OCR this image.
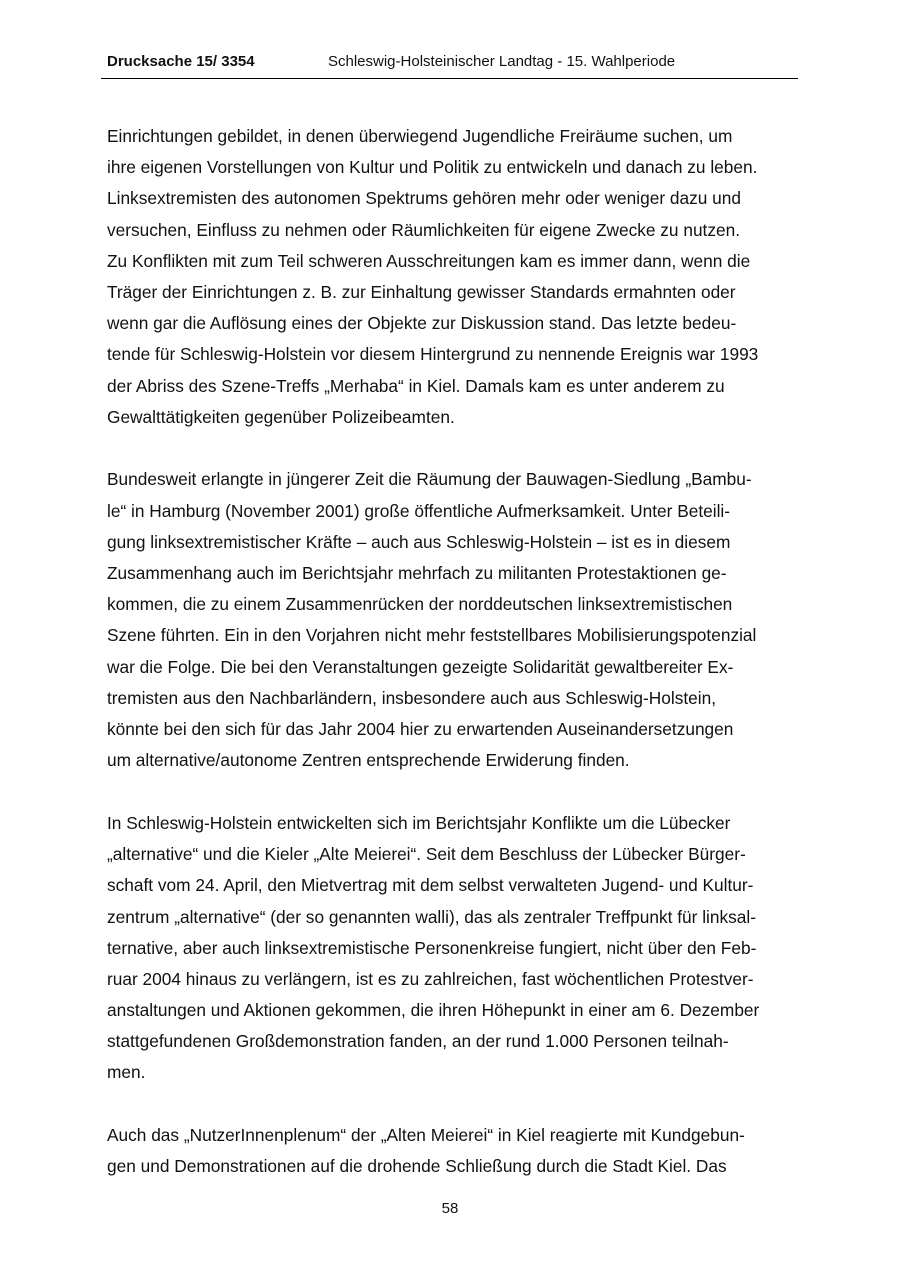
Drucksache 15/ 3354	Schleswig-Holsteinischer Landtag - 15. Wahlperiode
Einrichtungen gebildet, in denen überwiegend Jugendliche Freiräume suchen, um
ihre eigenen Vorstellungen von Kultur und Politik zu entwickeln und danach zu leben.
Linksextremisten des autonomen Spektrums gehören mehr oder weniger dazu und
versuchen, Einfluss zu nehmen oder Räumlichkeiten für eigene Zwecke zu nutzen.
Zu Konflikten mit zum Teil schweren Ausschreitungen kam es immer dann, wenn die
Träger der Einrichtungen z. B. zur Einhaltung gewisser Standards ermahnten oder
wenn gar die Auflösung eines der Objekte zur Diskussion stand. Das letzte bedeu-
tende für Schleswig-Holstein vor diesem Hintergrund zu nennende Ereignis war 1993
der Abriss des Szene-Treffs „Merhaba“ in Kiel. Damals kam es unter anderem zu
Gewalttätigkeiten gegenüber Polizeibeamten.
Bundesweit erlangte in jüngerer Zeit die Räumung der Bauwagen-Siedlung „Bambu-
le“ in Hamburg (November 2001) große öffentliche Aufmerksamkeit. Unter Beteili-
gung linksextremistischer Kräfte – auch aus Schleswig-Holstein – ist es in diesem
Zusammenhang auch im Berichtsjahr mehrfach zu militanten Protestaktionen ge-
kommen, die zu einem Zusammenrücken der norddeutschen linksextremistischen
Szene führten. Ein in den Vorjahren nicht mehr feststellbares Mobilisierungspotenzial
war die Folge. Die bei den Veranstaltungen gezeigte Solidarität gewaltbereiter Ex-
tremisten aus den Nachbarländern, insbesondere auch aus Schleswig-Holstein,
könnte bei den sich für das Jahr 2004 hier zu erwartenden Auseinandersetzungen
um alternative/autonome Zentren entsprechende Erwiderung finden.
In Schleswig-Holstein entwickelten sich im Berichtsjahr Konflikte um die Lübecker
„alternative“ und die Kieler „Alte Meierei“. Seit dem Beschluss der Lübecker Bürger-
schaft vom 24. April, den Mietvertrag mit dem selbst verwalteten Jugend- und Kultur-
zentrum „alternative“ (der so genannten walli), das als zentraler Treffpunkt für linksal-
ternative, aber auch linksextremistische Personenkreise fungiert, nicht über den Feb-
ruar 2004 hinaus zu verlängern, ist es zu zahlreichen, fast wöchentlichen Protestver-
anstaltungen und Aktionen gekommen, die ihren Höhepunkt in einer am 6. Dezember
stattgefundenen Großdemonstration fanden, an der rund 1.000 Personen teilnah-
men.
Auch das „NutzerInnenplenum“ der „Alten Meierei“ in Kiel reagierte mit Kundgebun-
gen und Demonstrationen auf die drohende Schließung durch die Stadt Kiel. Das
58
